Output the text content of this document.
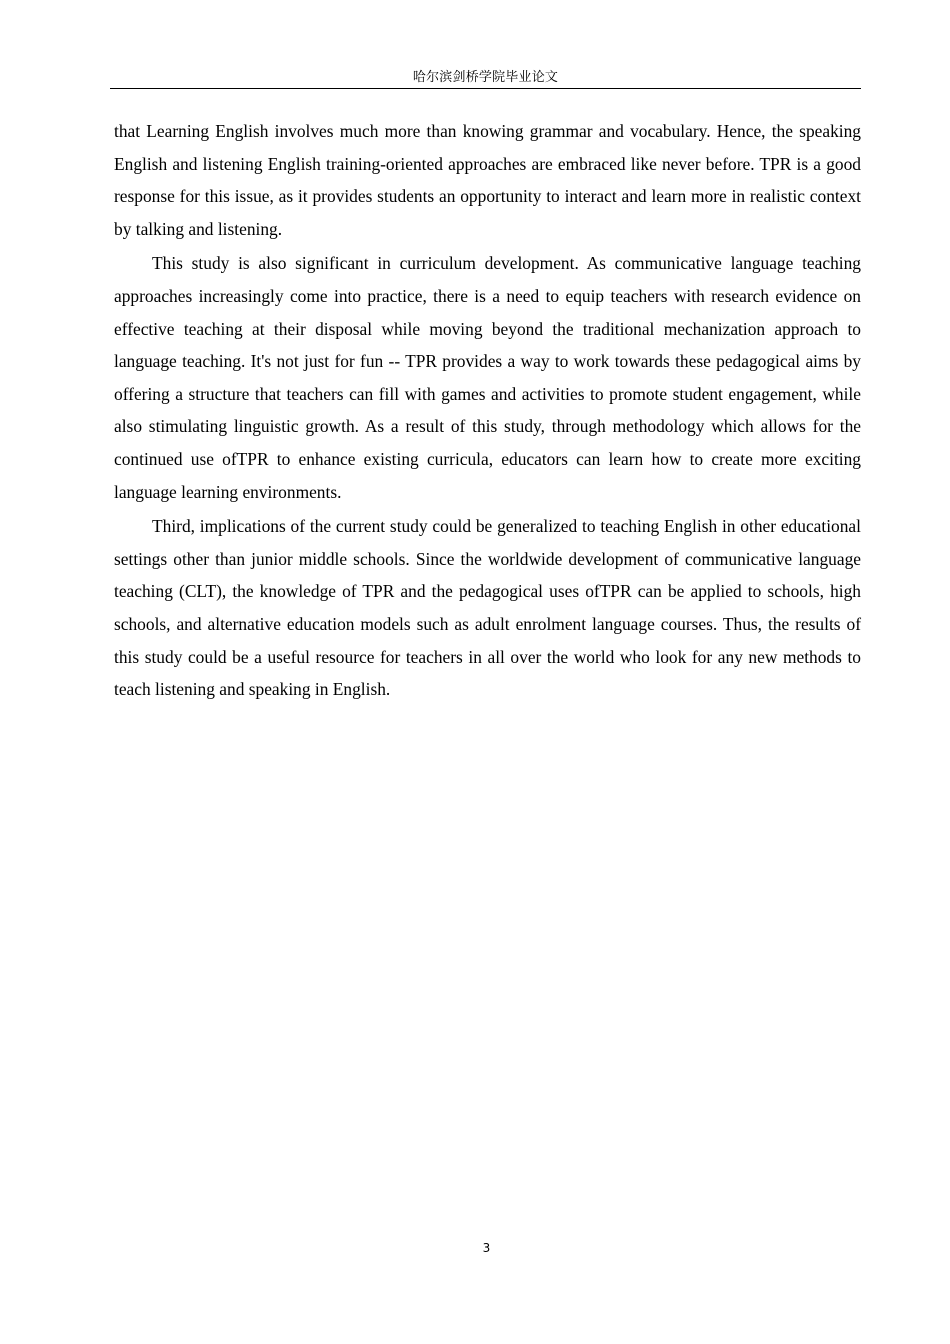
哈尔滨剑桥学院毕业论文

that Learning English involves much more than knowing grammar and vocabulary. Hence, the speaking English and listening English training-oriented approaches are embraced like never before. TPR is a good response for this issue, as it provides students an opportunity to interact and learn more in realistic context by talking and listening.

This study is also significant in curriculum development. As communicative language teaching approaches increasingly come into practice, there is a need to equip teachers with research evidence on effective teaching at their disposal while moving beyond the traditional mechanization approach to language teaching. It's not just for fun -- TPR provides a way to work towards these pedagogical aims by offering a structure that teachers can fill with games and activities to promote student engagement, while also stimulating linguistic growth. As a result of this study, through methodology which allows for the continued use ofTPR to enhance existing curricula, educators can learn how to create more exciting language learning environments.

Third, implications of the current study could be generalized to teaching English in other educational settings other than junior middle schools. Since the worldwide development of communicative language teaching (CLT), the knowledge of TPR and the pedagogical uses ofTPR can be applied to schools, high schools, and alternative education models such as adult enrolment language courses. Thus, the results of this study could be a useful resource for teachers in all over the world who look for any new methods to teach listening and speaking in English.

3
